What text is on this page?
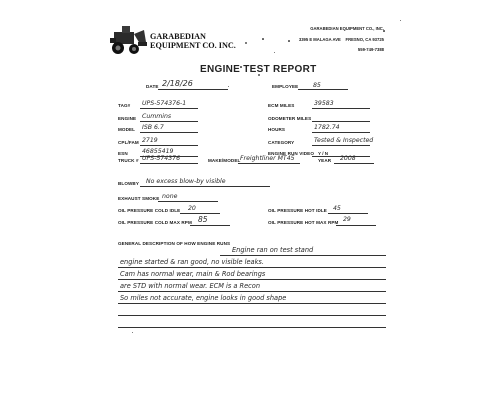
GARABEDIAN
EQUIPMENT CO. INC.
GARABEDIAN EQUIPMENT CO., INC.
3395 E MALAGA AVE FRESNO, CA 93725
559-749-7388
ENGINE TEST REPORT
DATE 2/18/26	EMPLOYEE 85
TAG# UPS-574376-1
ENGINE Cummins
MODEL ISB 6.7
CPL/FAM 2719
ESN 46855419
TRUCK # UPS-574376
ECM MILES	39583
ODOMETER MILES
HOURS	1782.74
CATEGORY	Tested & Inspected
ENGINE RUN VIDEO Y / N
YEAR 2008
MAKE/MODEL Freightliner MT45
BLOWBY No excess blow-by visible
EXHAUST SMOKE none
OIL PRESSURE COLD IDLE 20	OIL PRESSURE HOT IDLE 45
OIL PRESSURE COLD MAX RPM 85	OIL PRESSURE HOT MAX RPM 29
GENERAL DESCRIPTION OF HOW ENGINE RUNS
Engine ran on test stand
engine started & ran good, no visible leaks.
Cam has normal wear, main & Rod bearings
are STD with normal wear. ECM is a Recon
So miles not accurate, engine looks in good shape
